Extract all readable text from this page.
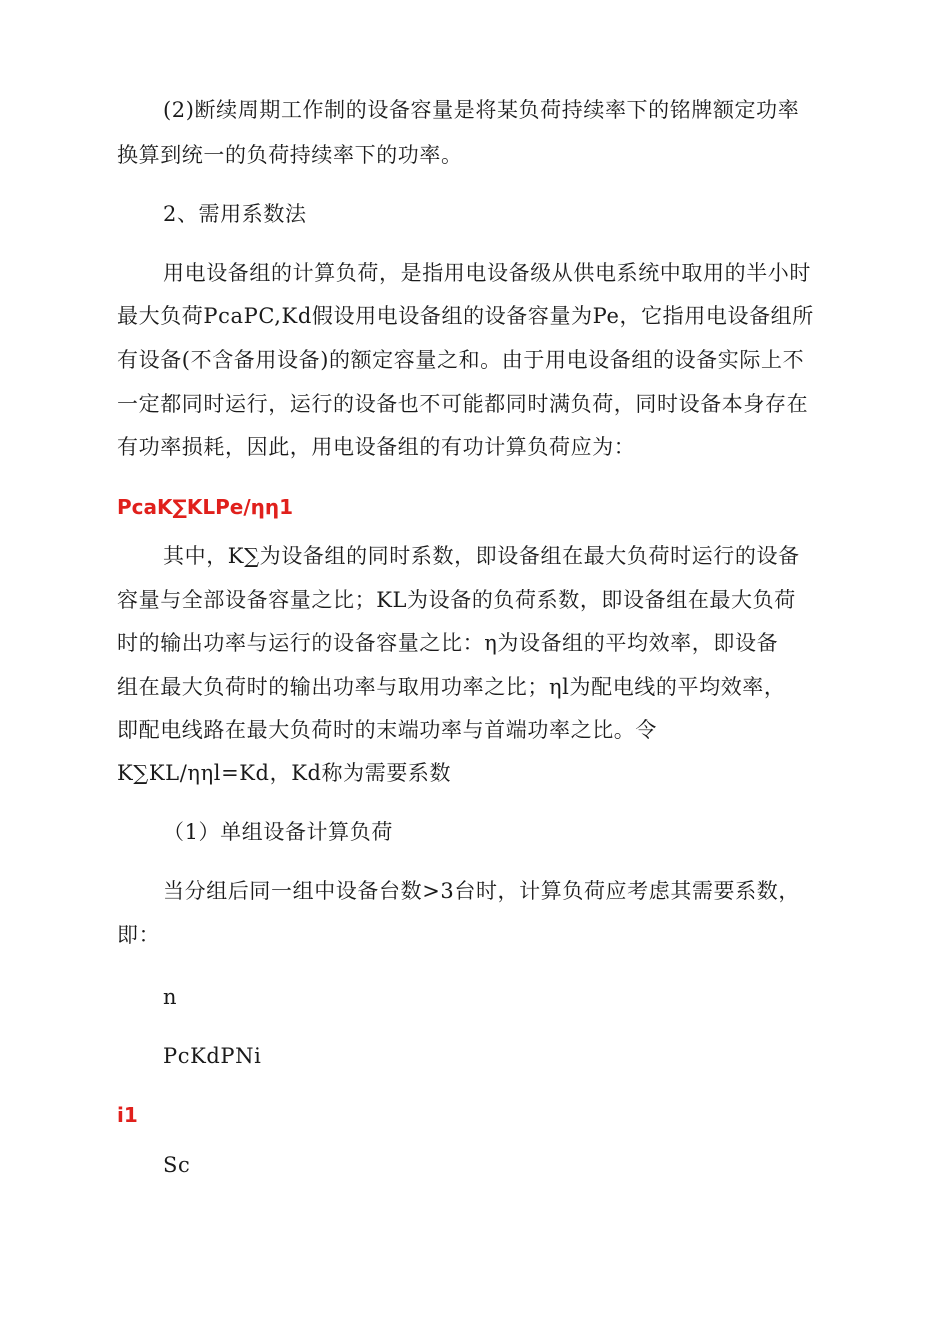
(2)断续周期工作制的设备容量是将某负荷持续率下的铭牌额定功率
换算到统一的负荷持续率下的功率。
2、需用系数法
用电设备组的计算负荷，是指用电设备级从供电系统中取用的半小时
最大负荷PcaPC,Kd假设用电设备组的设备容量为Pe，它指用电设备组所
有设备(不含备用设备)的额定容量之和。由于用电设备组的设备实际上不
一定都同时运行，运行的设备也不可能都同时满负荷，同时设备本身存在
有功率损耗，因此，用电设备组的有功计算负荷应为：
PcaK∑KLPe/ηη1
其中，K∑为设备组的同时系数，即设备组在最大负荷时运行的设备
容量与全部设备容量之比；KL为设备的负荷系数，即设备组在最大负荷
时的输出功率与运行的设备容量之比：η为设备组的平均效率，即设备
组在最大负荷时的输出功率与取用功率之比；ηl为配电线的平均效率，
即配电线路在最大负荷时的末端功率与首端功率之比。令
K∑KL/ηηl=Kd，Kd称为需要系数
（1）单组设备计算负荷
当分组后同一组中设备台数>3台时，计算负荷应考虑其需要系数，
即：
n
PcKdPNi
i1
Sc
